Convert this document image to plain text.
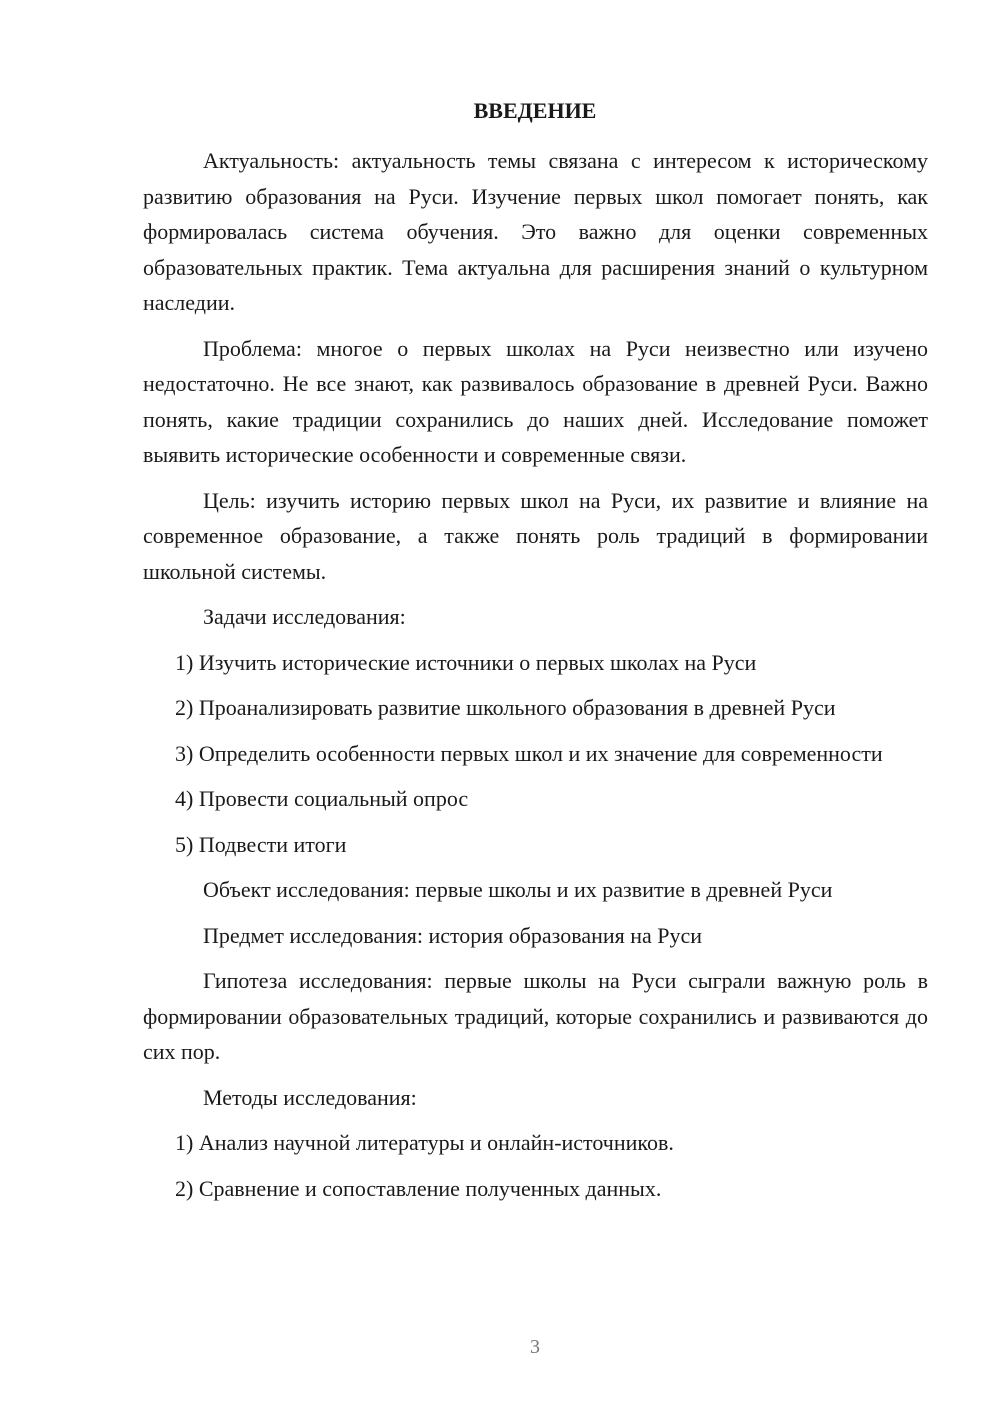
ВВЕДЕНИЕ

Актуальность: актуальность темы связана с интересом к историческому развитию образования на Руси. Изучение первых школ помогает понять, как формировалась система обучения. Это важно для оценки современных образовательных практик. Тема актуальна для расширения знаний о культурном наследии.

Проблема: многое о первых школах на Руси неизвестно или изучено недостаточно. Не все знают, как развивалось образование в древней Руси. Важно понять, какие традиции сохранились до наших дней. Исследование поможет выявить исторические особенности и современные связи.

Цель: изучить историю первых школ на Руси, их развитие и влияние на современное образование, а также понять роль традиций в формировании школьной системы.

Задачи исследования:

1) Изучить исторические источники о первых школах на Руси

2) Проанализировать развитие школьного образования в древней Руси

3) Определить особенности первых школ и их значение для современности

4) Провести социальный опрос

5) Подвести итоги

Объект исследования: первые школы и их развитие в древней Руси

Предмет исследования: история образования на Руси

Гипотеза исследования: первые школы на Руси сыграли важную роль в формировании образовательных традиций, которые сохранились и развиваются до сих пор.

Методы исследования:

1) Анализ научной литературы и онлайн-источников.

2) Сравнение и сопоставление полученных данных.

3
